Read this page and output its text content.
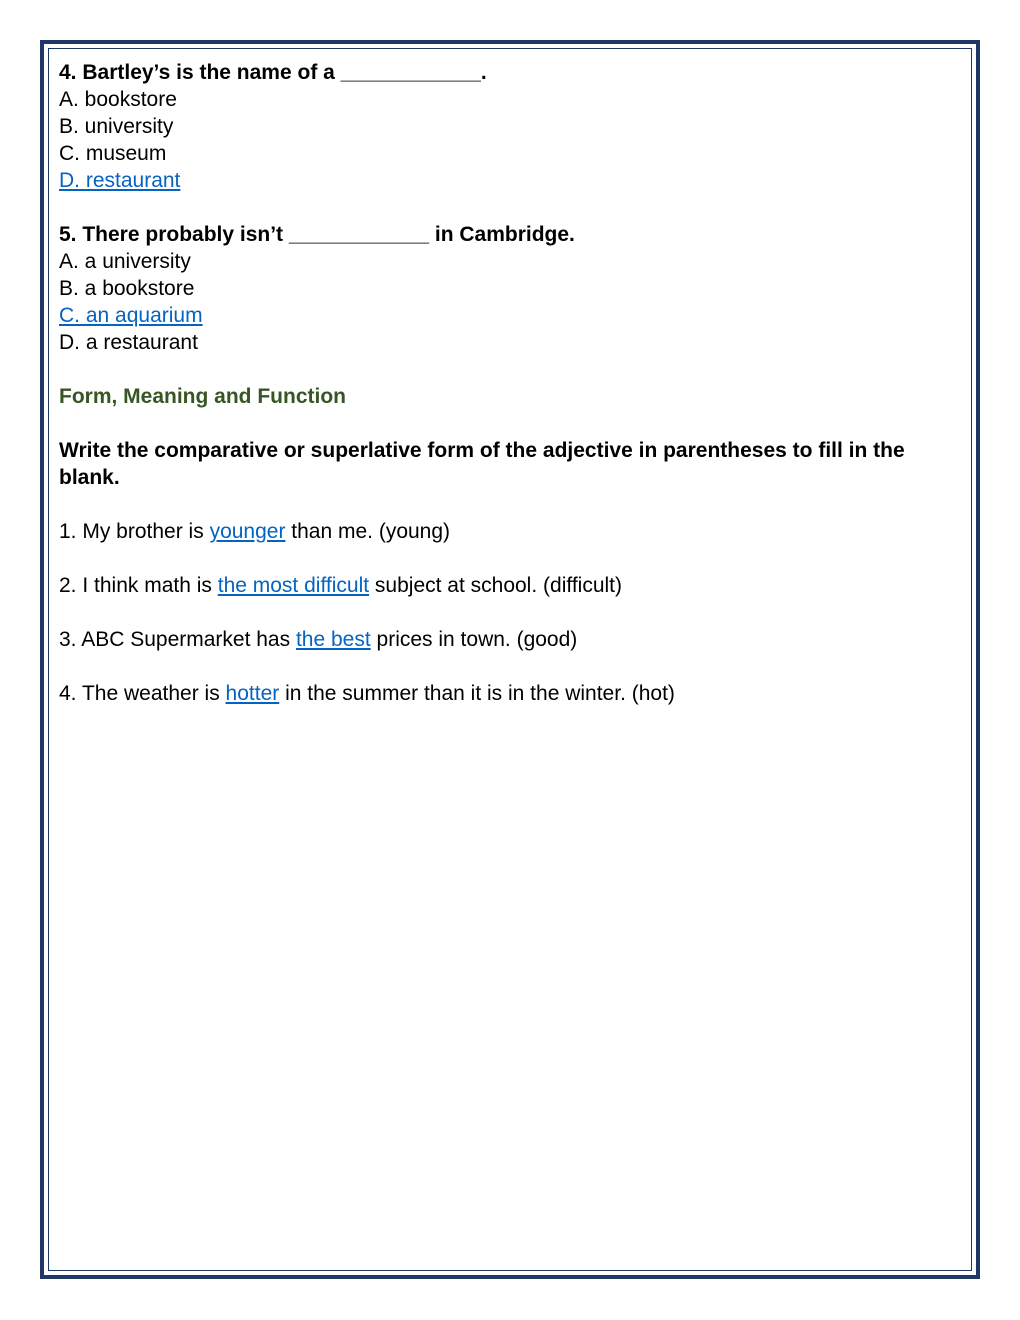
4. Bartley’s is the name of a ____________.
A. bookstore
B. university
C. museum
D. restaurant
5. There probably isn’t ____________ in Cambridge.
A. a university
B. a bookstore
C. an aquarium
D. a restaurant
Form, Meaning and Function
Write the comparative or superlative form of the adjective in parentheses to fill in the blank.
1. My brother is younger than me. (young)
2. I think math is the most difficult subject at school. (difficult)
3. ABC Supermarket has the best prices in town. (good)
4. The weather is hotter in the summer than it is in the winter. (hot)
